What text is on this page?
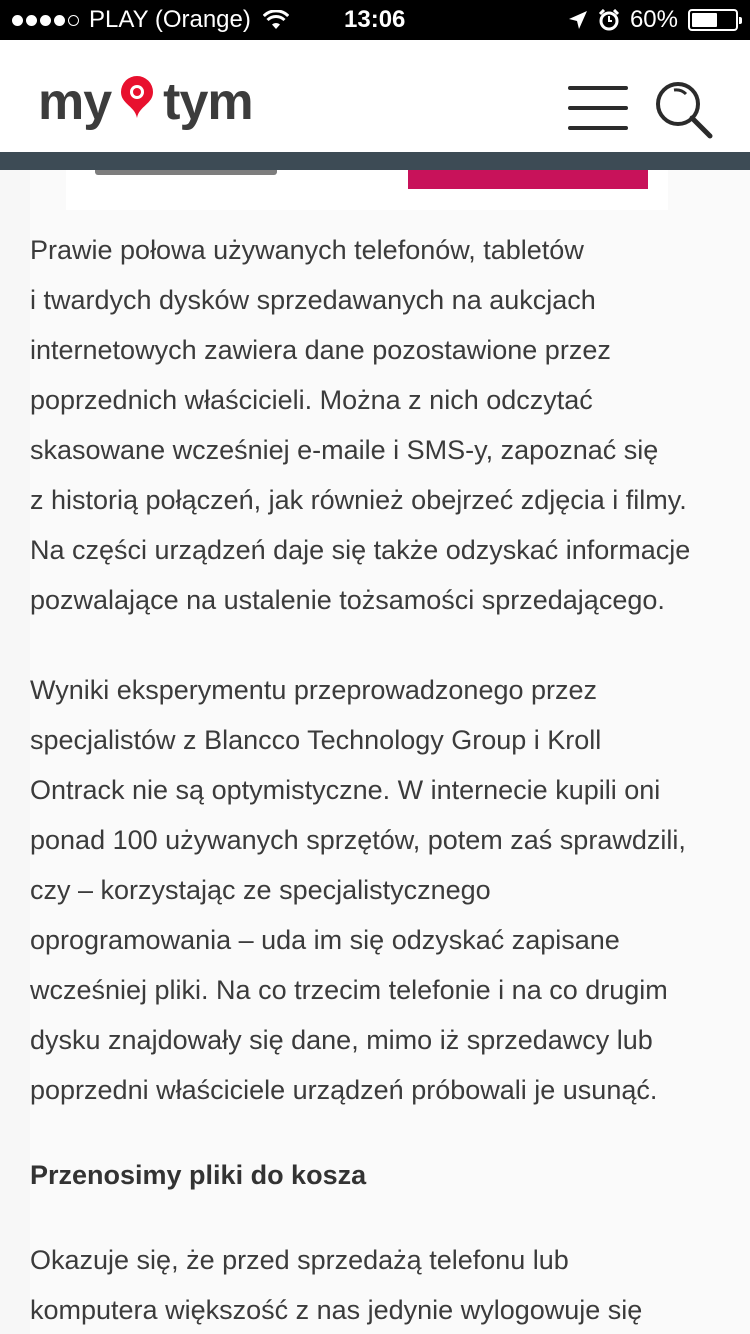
PLAY (Orange)	13:06	60%
my tym
Prawie połowa używanych telefonów, tabletów
i twardych dysków sprzedawanych na aukcjach
internetowych zawiera dane pozostawione przez
poprzednich właścicieli. Można z nich odczytać
skasowane wcześniej e-maile i SMS-y, zapoznać się
z historią połączeń, jak również obejrzeć zdjęcia i filmy.
Na części urządzeń daje się także odzyskać informacje
pozwalające na ustalenie tożsamości sprzedającego.
Wyniki eksperymentu przeprowadzonego przez
specjalistów z Blancco Technology Group i Kroll
Ontrack nie są optymistyczne. W internecie kupili oni
ponad 100 używanych sprzętów, potem zaś sprawdzili,
czy – korzystając ze specjalistycznego
oprogramowania – uda im się odzyskać zapisane
wcześniej pliki. Na co trzecim telefonie i na co drugim
dysku znajdowały się dane, mimo iż sprzedawcy lub
poprzedni właściciele urządzeń próbowali je usunąć.
Przenosimy pliki do kosza
Okazuje się, że przed sprzedażą telefonu lub
komputera większość z nas jedynie wylogowuje się
